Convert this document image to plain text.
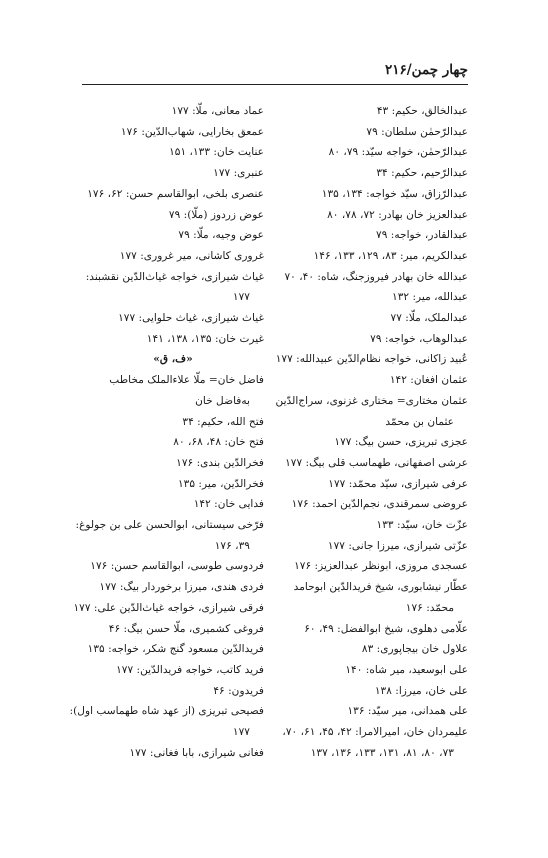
چهار چمن/۲۱۶
عبدالخالق، حکیم: ۴۳
عبدالرّحمٰن سلطان: ۷۹
عبدالرّحمٰن، خواجه سیّد: ۷۹، ۸۰
عبدالرّحیم، حکیم: ۳۴
عبدالرّزاق، سیّد خواجه: ۱۳۴، ۱۳۵
عبدالعزیز خان بهادر: ۷۲، ۷۸، ۸۰
عبدالقادر، خواجه: ۷۹
عبدالکریم، میر: ۸۳، ۱۲۹، ۱۳۳، ۱۴۶
عبدالله خان بهادر فیروزجنگ، شاه: ۴۰، ۷۰
عبدالله، میر: ۱۳۲
عبدالملک، ملّا: ۷۷
عبدالوهاب، خواجه: ۷۹
عُبید زاکانی، خواجه نظام‌الدّین عبیدالله: ۱۷۷
عثمان افغان: ۱۴۲
عثمان مختاری= مختاری غزنوی، سراج‌الدّین
عثمان بن محمّد
عجزی تبریزی، حسن بیگ: ۱۷۷
عرشی اصفهانی، طهماسب قلی بیگ: ۱۷۷
عرفی شیرازی، سیّد محمّد: ۱۷۷
عروضی سمرقندی، نجم‌الدّین احمد: ۱۷۶
عزّت خان، سیّد: ۱۳۳
عزّتی شیرازی، میرزا جانی: ۱۷۷
عسجدی مروزی، ابونظر عبدالعزیز: ۱۷۶
عطّار نیشابوری، شیخ فریدالدّین ابوحامد
محمّد: ۱۷۶
علّامی دهلوی، شیخ ابوالفضل: ۴۹، ۶۰
علاول خان بیجاپوری: ۸۳
علی ابوسعید، میر شاه: ۱۴۰
علی خان، میرزا: ۱۳۸
علی همدانی، میر سیّد: ۱۳۶
علیمردان خان، امیرالامرا: ۴۲، ۴۵، ۶۱، ۷۰،
۷۳، ۸۰، ۸۱، ۱۳۱، ۱۳۳، ۱۳۶، ۱۳۷
عماد معانی، ملّا: ۱۷۷
عمعق بخارایی، شهاب‌الدّین: ۱۷۶
عنایت خان: ۱۳۳، ۱۵۱
عنبری: ۱۷۷
عنصری بلخی، ابوالقاسم حسن: ۶۲، ۱۷۶
عوض زردوز (ملّا): ۷۹
عوض وجیه، ملّا: ۷۹
غروری کاشانی، میر غروری: ۱۷۷
غیاث شیرازی، خواجه غیاث‌الدّین نقشبند:
۱۷۷
غیاث شیرازی، غیاث حلوایی: ۱۷۷
غیرت خان: ۱۳۵، ۱۳۸، ۱۴۱
«ف، ق»
فاضل خان= ملّا علاءالملک مخاطب
به‌فاضل خان
فتح الله، حکیم: ۳۴
فتح خان: ۴۸، ۶۸، ۸۰
فخرالدّین بندی: ۱۷۶
فخرالدّین، میر: ۱۳۵
فدایی خان: ۱۴۲
فرّخی سیستانی، ابوالحسن علی بن جولوغ:
۳۹، ۱۷۶
فردوسی طوسی، ابوالقاسم حسن: ۱۷۶
فردی هندی، میرزا برخوردار بیگ: ۱۷۷
فرقی شیرازی، خواجه غیاث‌الدّین علی: ۱۷۷
فروغی کشمیری، ملّا حسن بیگ: ۴۶
فریدالدّین مسعود گنج شکر، خواجه: ۱۳۵
فرید کاتب، خواجه فریدالدّین: ۱۷۷
فریدون: ۴۶
فصیحی تبریزی (از عهد شاه طهماسب اول):
۱۷۷
فغانی شیرازی، بابا فغانی: ۱۷۷
